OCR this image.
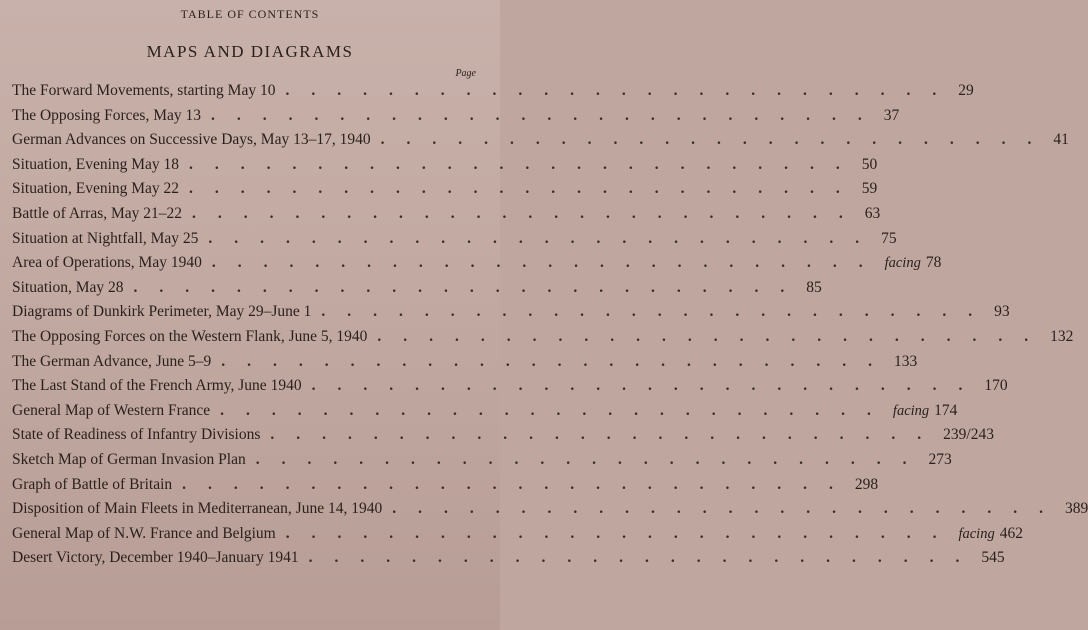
TABLE OF CONTENTS
MAPS AND DIAGRAMS
Page
The Forward Movements, starting May 10 .......................... 29
The Opposing Forces, May 13 .......................... 37
German Advances on Successive Days, May 13–17, 1940 .......................... 41
Situation, Evening May 18 .......................... 50
Situation, Evening May 22 .......................... 59
Battle of Arras, May 21–22 .......................... 63
Situation at Nightfall, May 25 .......................... 75
Area of Operations, May 1940 .......................... facing 78
Situation, May 28 .......................... 85
Diagrams of Dunkirk Perimeter, May 29–June 1 .......................... 93
The Opposing Forces on the Western Flank, June 5, 1940 .......................... 132
The German Advance, June 5–9 .......................... 133
The Last Stand of the French Army, June 1940 .......................... 170
General Map of Western France .......................... facing 174
State of Readiness of Infantry Divisions .......................... 239/243
Sketch Map of German Invasion Plan .......................... 273
Graph of Battle of Britain .......................... 298
Disposition of Main Fleets in Mediterranean, June 14, 1940 .......................... 389
General Map of N.W. France and Belgium .......................... facing 462
Desert Victory, December 1940–January 1941 .......................... 545
